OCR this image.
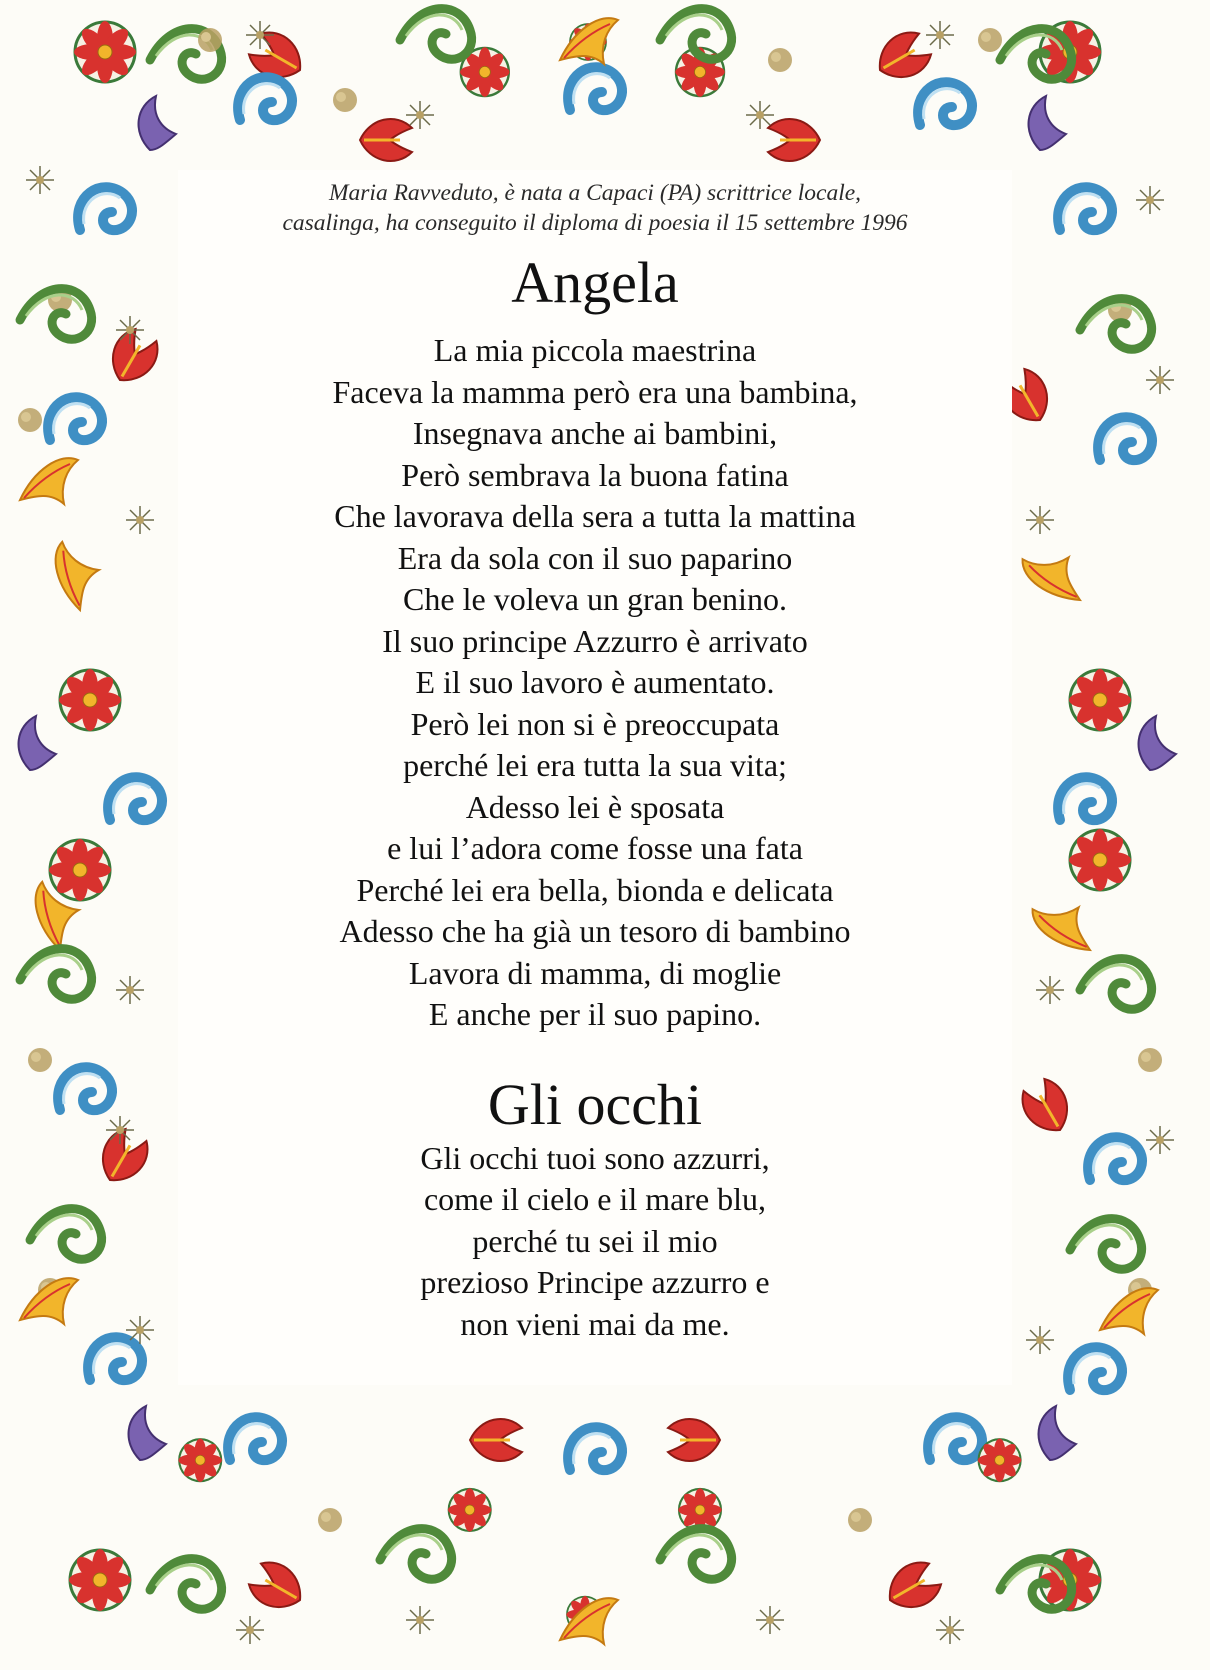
Maria Ravveduto, è nata a Capaci (PA) scrittrice locale,
casalinga, ha conseguito il diploma di poesia il 15 settembre 1996
Angela
La mia piccola maestrina
Faceva la mamma però era una bambina,
Insegnava anche ai bambini,
Però sembrava la buona fatina
Che lavorava della sera a tutta la mattina
Era da sola con il suo paparino
Che le voleva un gran benino.
Il suo principe Azzurro è arrivato
E il suo lavoro è aumentato.
Però lei non si è preoccupata
perché lei era tutta la sua vita;
Adesso lei è sposata
e lui l’adora come fosse una fata
Perché lei era bella, bionda e delicata
Adesso che ha già un tesoro di bambino
Lavora di mamma, di moglie
E anche per il suo papino.
Gli occhi
Gli occhi tuoi sono azzurri,
come il cielo e il mare blu,
perché tu sei il mio
prezioso Principe azzurro e
non vieni mai da me.
